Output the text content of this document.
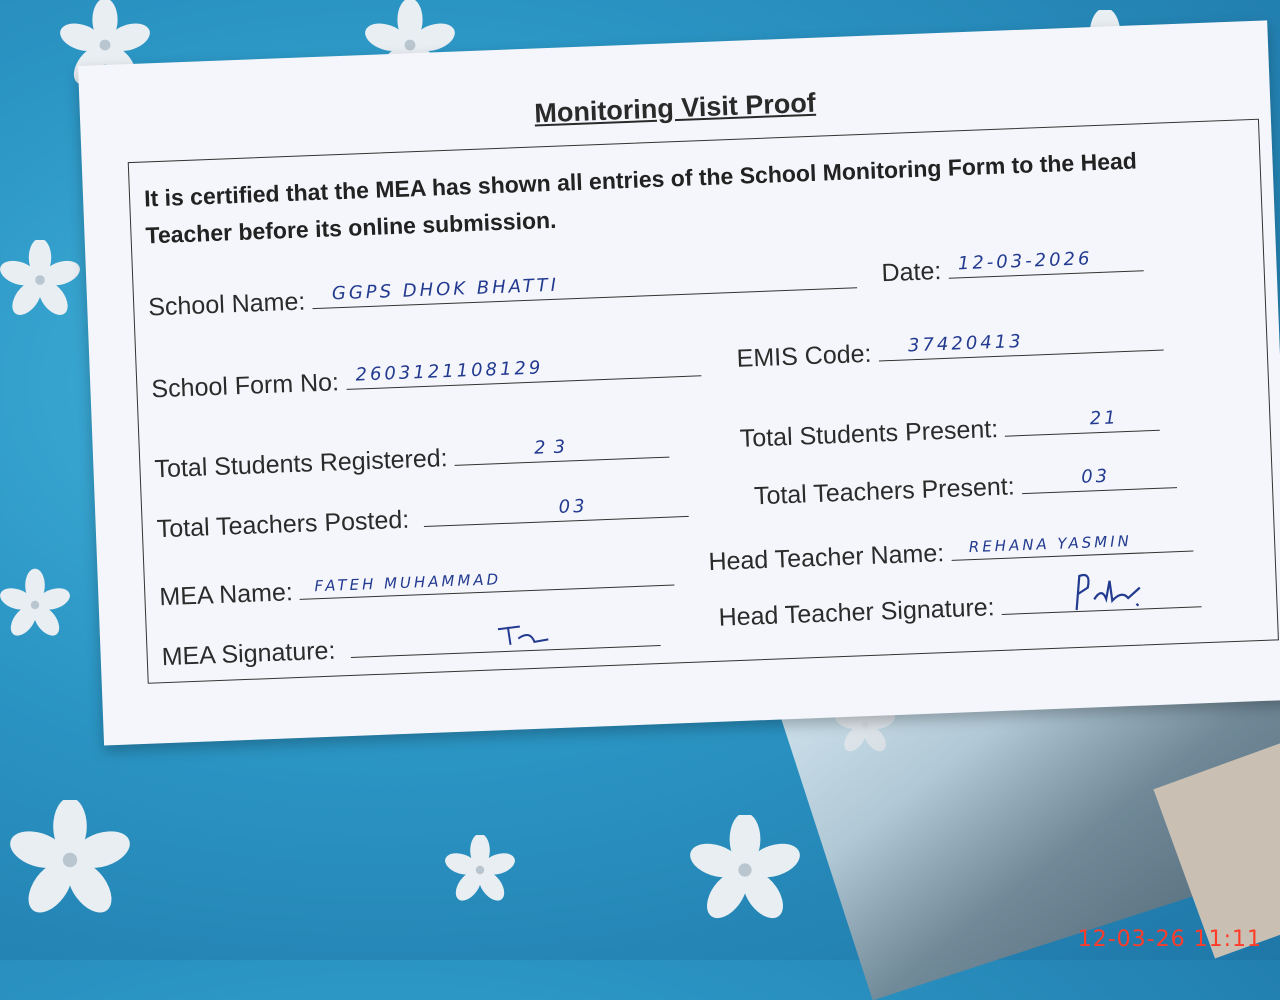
Monitoring Visit Proof
It is certified that the MEA has shown all entries of the School Monitoring Form to the Head Teacher before its online submission.
School Name: GGPS DHOK BHATTI
Date: 12-03-2026
School Form No: 2603121108129	EMIS Code: 37420413
Total Students Registered:	23	Total Students Present:	21
Total Teachers Posted:	03	Total Teachers Present:	03
MEA Name: FATEH MUHAMMAD
Head Teacher Name: REHANA YASMIN
MEA Signature:
Head Teacher Signature:
12-03-26 11:11
